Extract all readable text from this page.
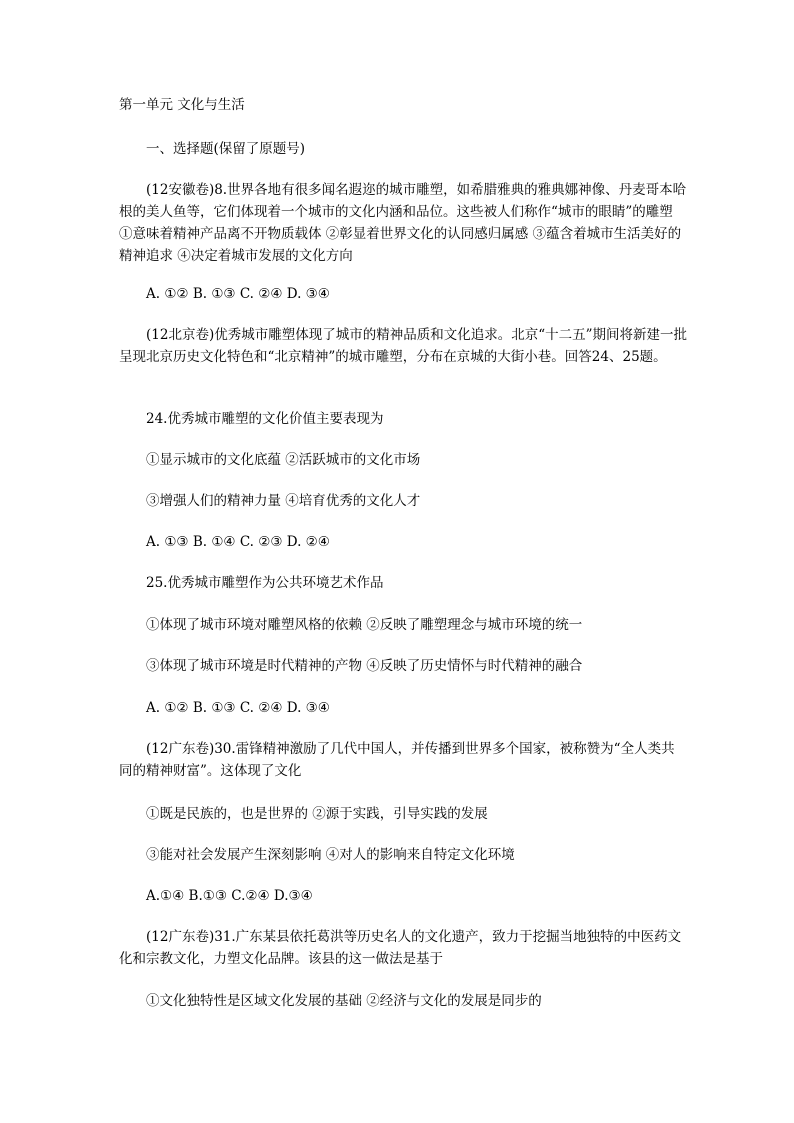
第一单元 文化与生活
一、选择题(保留了原题号)
(12安徽卷)8.世界各地有很多闻名遐迩的城市雕塑，如希腊雅典的雅典娜神像、丹麦哥本哈根的美人鱼等，它们体现着一个城市的文化内涵和品位。这些被人们称作“城市的眼睛”的雕塑 ①意味着精神产品离不开物质载体 ②彰显着世界文化的认同感归属感 ③蕴含着城市生活美好的精神追求 ④决定着城市发展的文化方向
A. ①② B. ①③ C. ②④ D. ③④
(12北京卷)优秀城市雕塑体现了城市的精神品质和文化追求。北京“十二五”期间将新建一批呈现北京历史文化特色和“北京精神”的城市雕塑，分布在京城的大街小巷。回答24、25题。
24.优秀城市雕塑的文化价值主要表现为
①显示城市的文化底蕴 ②活跃城市的文化市场
③增强人们的精神力量 ④培育优秀的文化人才
A. ①③ B. ①④ C. ②③ D. ②④
25.优秀城市雕塑作为公共环境艺术作品
①体现了城市环境对雕塑风格的依赖 ②反映了雕塑理念与城市环境的统一
③体现了城市环境是时代精神的产物 ④反映了历史情怀与时代精神的融合
A. ①② B. ①③ C. ②④ D. ③④
(12广东卷)30.雷锋精神激励了几代中国人，并传播到世界多个国家，被称赞为“全人类共同的精神财富”。这体现了文化
①既是民族的，也是世界的 ②源于实践，引导实践的发展
③能对社会发展产生深刻影响 ④对人的影响来自特定文化环境
A.①④ B.①③ C.②④ D.③④
(12广东卷)31.广东某县依托葛洪等历史名人的文化遗产，致力于挖掘当地独特的中医药文化和宗教文化，力塑文化品牌。该县的这一做法是基于
①文化独特性是区域文化发展的基础 ②经济与文化的发展是同步的
